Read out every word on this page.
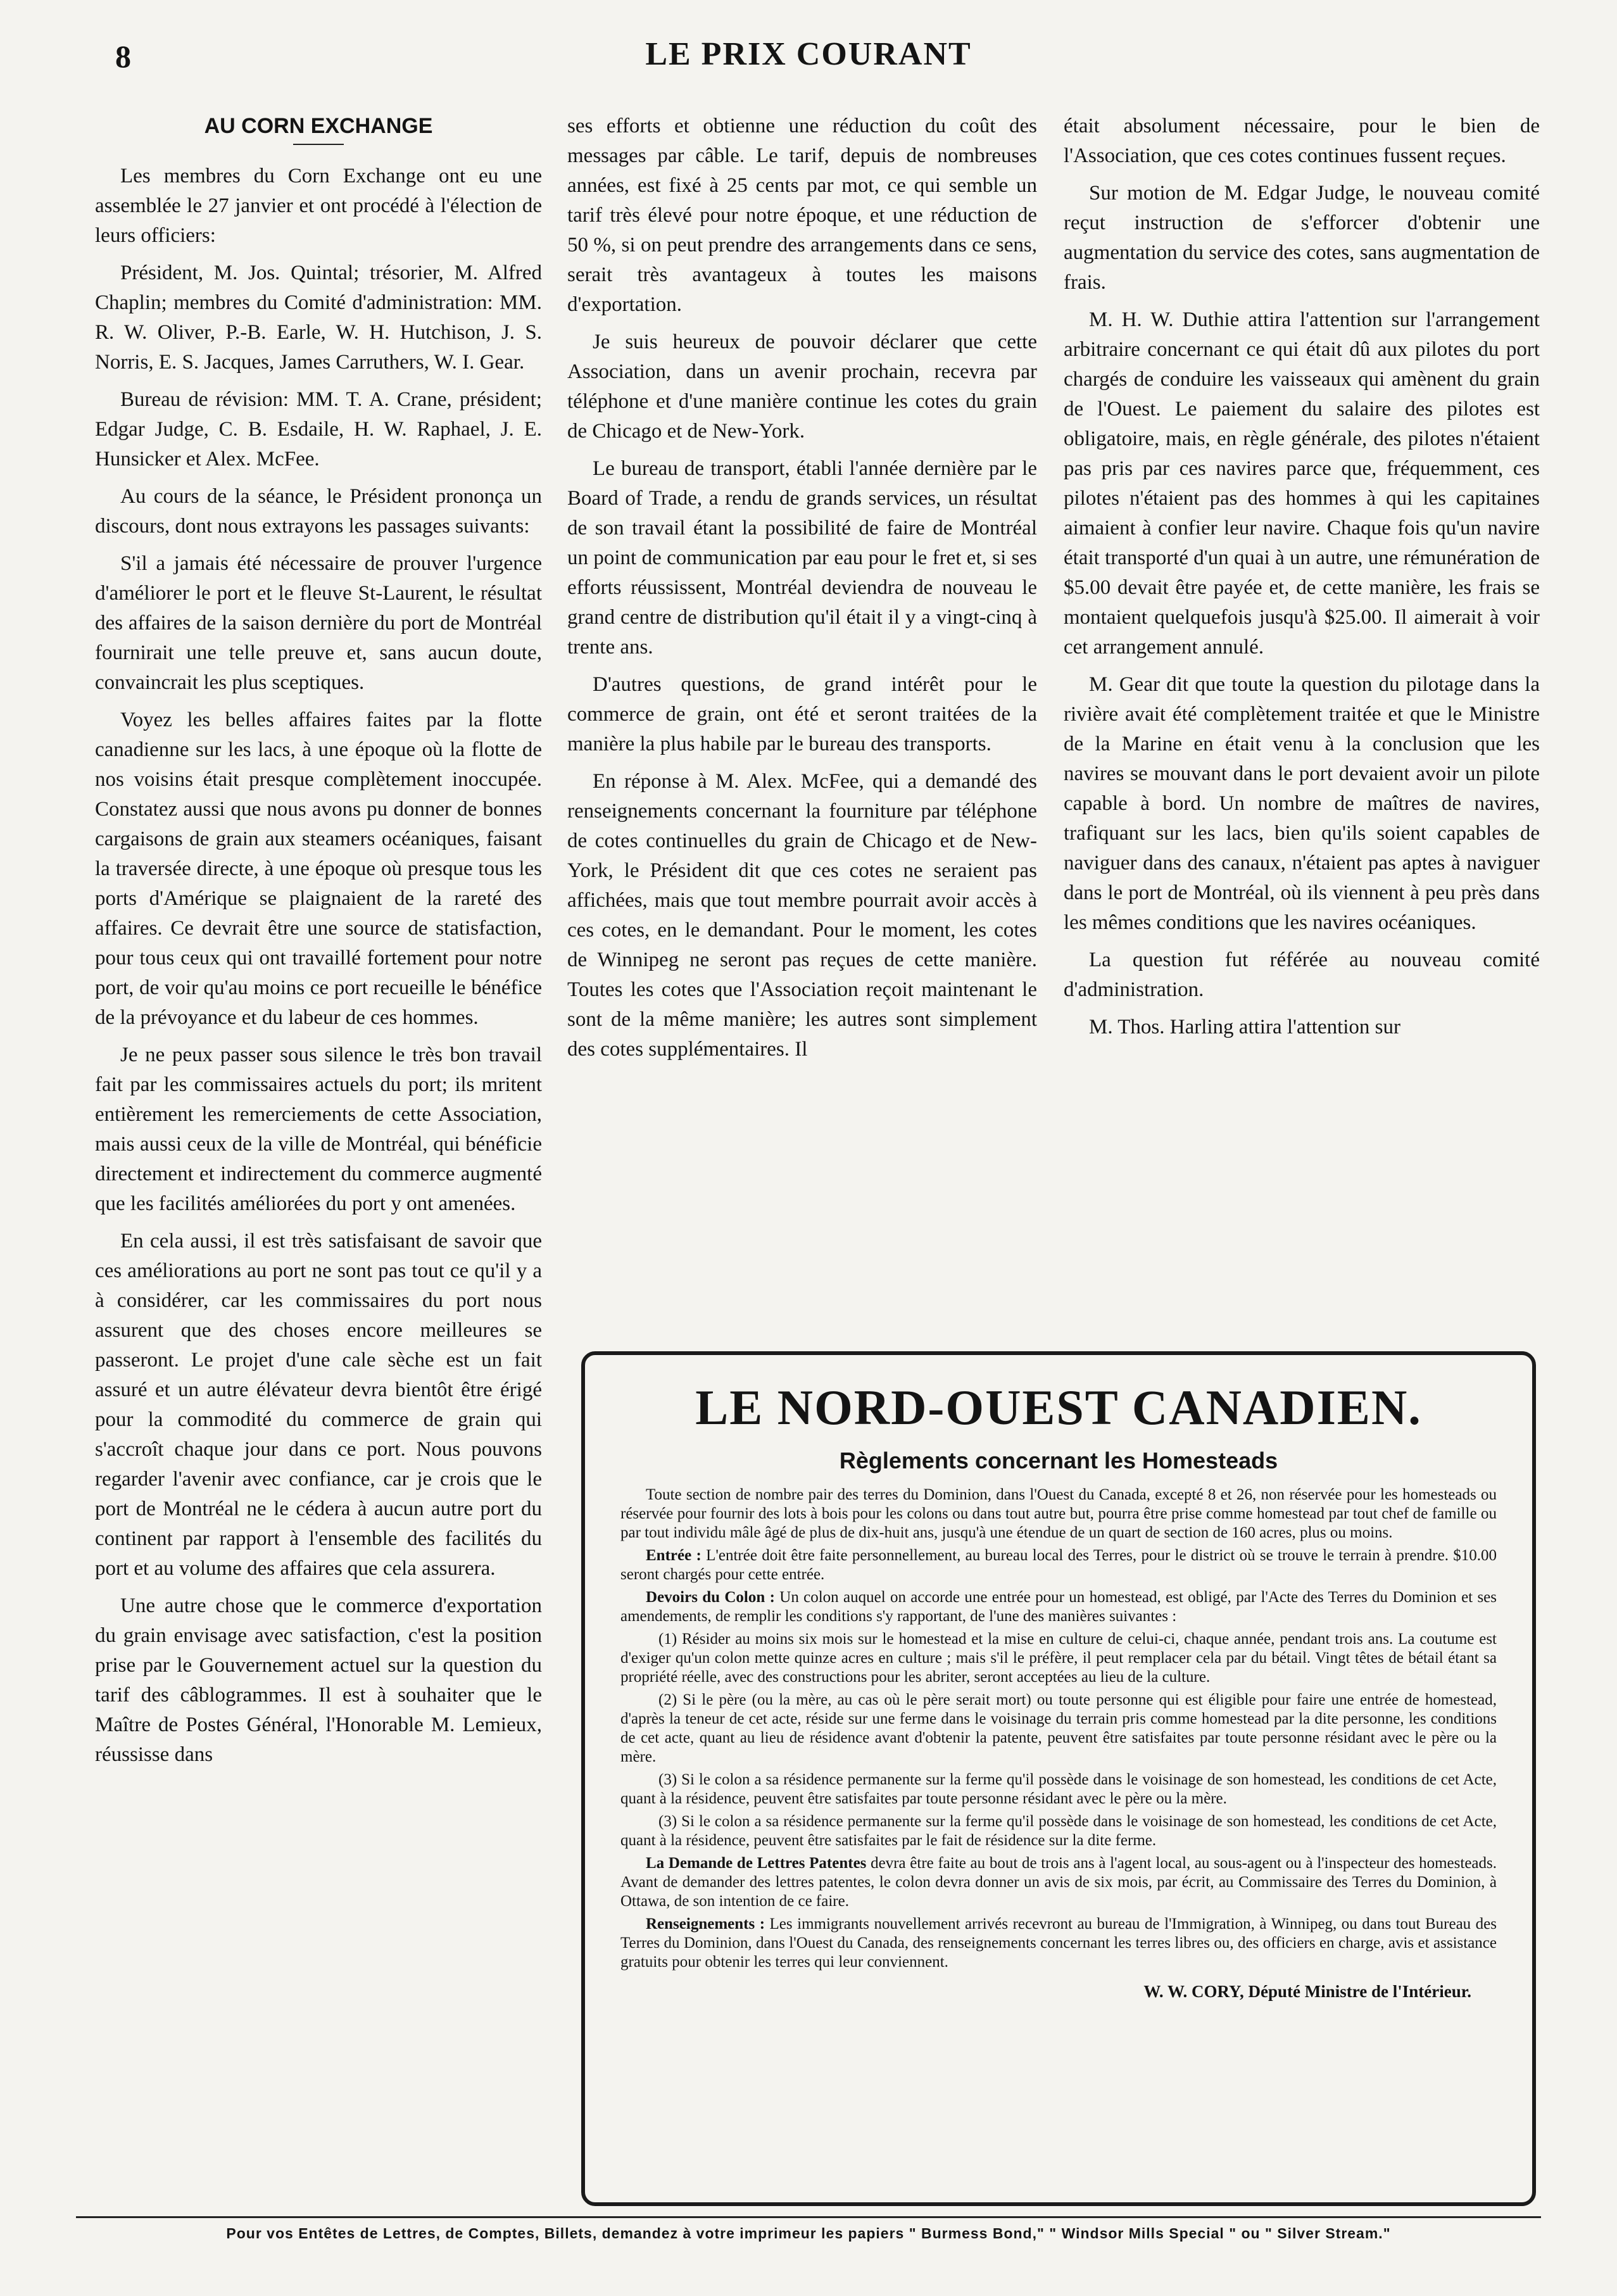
8	LE PRIX COURANT
AU CORN EXCHANGE

Les membres du Corn Exchange ont eu une assemblée le 27 janvier et ont procédé à l'élection de leurs officiers:

Président, M. Jos. Quintal; trésorier, M. Alfred Chaplin; membres du Comité d'administration: MM. R. W. Oliver, P.-B. Earle, W. H. Hutchison, J. S. Norris, E. S. Jacques, James Carruthers, W. I. Gear.

Bureau de révision: MM. T. A. Crane, président; Edgar Judge, C. B. Esdaile, H. W. Raphael, J. E. Hunsicker et Alex. McFee.

Au cours de la séance, le Président prononça un discours, dont nous extrayons les passages suivants:

S'il a jamais été nécessaire de prouver l'urgence d'améliorer le port et le fleuve St-Laurent, le résultat des affaires de la saison dernière du port de Montréal fournirait une telle preuve et, sans aucun doute, convaincrait les plus sceptiques.

Voyez les belles affaires faites par la flotte canadienne sur les lacs, à une époque où la flotte de nos voisins était presque complètement inoccupée. Constatez aussi que nous avons pu donner de bonnes cargaisons de grain aux steamers océaniques, faisant la traversée directe, à une époque où presque tous les ports d'Amérique se plaignaient de la rareté des affaires. Ce devrait être une source de statisfaction, pour tous ceux qui ont travaillé fortement pour notre port, de voir qu'au moins ce port recueille le bénéfice de la prévoyance et du labeur de ces hommes.

Je ne peux passer sous silence le très bon travail fait par les commissaires actuels du port; ils mritent entièrement les remerciements de cette Association, mais aussi ceux de la ville de Montréal, qui bénéficie directement et indirectement du commerce augmenté que les facilités améliorées du port y ont amenées.

En cela aussi, il est très satisfaisant de savoir que ces améliorations au port ne sont pas tout ce qu'il y a à considérer, car les commissaires du port nous assurent que des choses encore meilleures se passeront. Le projet d'une cale sèche est un fait assuré et un autre élévateur devra bientôt être érigé pour la commodité du commerce de grain qui s'accroît chaque jour dans ce port. Nous pouvons regarder l'avenir avec confiance, car je crois que le port de Montréal ne le cédera à aucun autre port du continent par rapport à l'ensemble des facilités du port et au volume des affaires que cela assurera.

Une autre chose que le commerce d'exportation du grain envisage avec satisfaction, c'est la position prise par le Gouvernement actuel sur la question du tarif des câblogrammes. Il est à souhaiter que le Maître de Postes Général, l'Honorable M. Lemieux, réussisse dans

ses efforts et obtienne une réduction du coût des messages par câble. Le tarif, depuis de nombreuses années, est fixé à 25 cents par mot, ce qui semble un tarif très élevé pour notre époque, et une réduction de 50 %, si on peut prendre des arrangements dans ce sens, serait très avantageux à toutes les maisons d'exportation.

Je suis heureux de pouvoir déclarer que cette Association, dans un avenir prochain, recevra par téléphone et d'une manière continue les cotes du grain de Chicago et de New-York.

Le bureau de transport, établi l'année dernière par le Board of Trade, a rendu de grands services, un résultat de son travail étant la possibilité de faire de Montréal un point de communication par eau pour le fret et, si ses efforts réussissent, Montréal deviendra de nouveau le grand centre de distribution qu'il était il y a vingt-cinq à trente ans.

D'autres questions, de grand intérêt pour le commerce de grain, ont été et seront traitées de la manière la plus habile par le bureau des transports.

En réponse à M. Alex. McFee, qui a demandé des renseignements concernant la fourniture par téléphone de cotes continuelles du grain de Chicago et de New-York, le Président dit que ces cotes ne seraient pas affichées, mais que tout membre pourrait avoir accès à ces cotes, en le demandant. Pour le moment, les cotes de Winnipeg ne seront pas reçues de cette manière. Toutes les cotes que l'Association reçoit maintenant le sont de la même manière; les autres sont simplement des cotes supplémentaires. Il

était absolument nécessaire, pour le bien de l'Association, que ces cotes continues fussent reçues.

Sur motion de M. Edgar Judge, le nouveau comité reçut instruction de s'efforcer d'obtenir une augmentation du service des cotes, sans augmentation de frais.

M. H. W. Duthie attira l'attention sur l'arrangement arbitraire concernant ce qui était dû aux pilotes du port chargés de conduire les vaisseaux qui amènent du grain de l'Ouest. Le paiement du salaire des pilotes est obligatoire, mais, en règle générale, des pilotes n'étaient pas pris par ces navires parce que, fréquemment, ces pilotes n'étaient pas des hommes à qui les capitaines aimaient à confier leur navire. Chaque fois qu'un navire était transporté d'un quai à un autre, une rémunération de $5.00 devait être payée et, de cette manière, les frais se montaient quelquefois jusqu'à $25.00. Il aimerait à voir cet arrangement annulé.

M. Gear dit que toute la question du pilotage dans la rivière avait été complètement traitée et que le Ministre de la Marine en était venu à la conclusion que les navires se mouvant dans le port devaient avoir un pilote capable à bord. Un nombre de maîtres de navires, trafiquant sur les lacs, bien qu'ils soient capables de naviguer dans des canaux, n'étaient pas aptes à naviguer dans le port de Montréal, où ils viennent à peu près dans les mêmes conditions que les navires océaniques.

La question fut référée au nouveau comité d'administration.

M. Thos. Harling attira l'attention sur

LE NORD-OUEST CANADIEN.
Règlements concernant les Homesteads

Toute section de nombre pair des terres du Dominion, dans l'Ouest du Canada, excepté 8 et 26, non réservée pour les homesteads ou réservée pour fournir des lots à bois pour les colons ou dans tout autre but, pourra être prise comme homestead par tout chef de famille ou par tout individu mâle âgé de plus de dix-huit ans, jusqu'à une étendue de un quart de section de 160 acres, plus ou moins.

Entrée : L'entrée doit être faite personnellement, au bureau local des Terres, pour le district où se trouve le terrain à prendre. $10.00 seront chargés pour cette entrée.

Devoirs du Colon : Un colon auquel on accorde une entrée pour un homestead, est obligé, par l'Acte des Terres du Dominion et ses amendements, de remplir les conditions s'y rapportant, de l'une des manières suivantes :

(1) Résider au moins six mois sur le homestead et la mise en culture de celui-ci, chaque année, pendant trois ans. La coutume est d'exiger qu'un colon mette quinze acres en culture ; mais s'il le préfère, il peut remplacer cela par du bétail. Vingt têtes de bétail étant sa propriété réelle, avec des constructions pour les abriter, seront acceptées au lieu de la culture.

(2) Si le père (ou la mère, au cas où le père serait mort) ou toute personne qui est éligible pour faire une entrée de homestead, d'après la teneur de cet acte, réside sur une ferme dans le voisinage du terrain pris comme homestead par la dite personne, les conditions de cet acte, quant au lieu de résidence avant d'obtenir la patente, peuvent être satisfaites par toute personne résidant avec le père ou la mère.

(3) Si le colon a sa résidence permanente sur la ferme qu'il possède dans le voisinage de son homestead, les conditions de cet Acte, quant à la résidence, peuvent être satisfaites par toute personne résidant avec le père ou la mère.

(3) Si le colon a sa résidence permanente sur la ferme qu'il possède dans le voisinage de son homestead, les conditions de cet Acte, quant à la résidence, peuvent être satisfaites par le fait de résidence sur la dite ferme.

La Demande de Lettres Patentes devra être faite au bout de trois ans à l'agent local, au sous-agent ou à l'inspecteur des homesteads. Avant de demander des lettres patentes, le colon devra donner un avis de six mois, par écrit, au Commissaire des Terres du Dominion, à Ottawa, de son intention de ce faire.

Renseignements : Les immigrants nouvellement arrivés recevront au bureau de l'Immigration, à Winnipeg, ou dans tout Bureau des Terres du Dominion, dans l'Ouest du Canada, des renseignements concernant les terres libres ou, des officiers en charge, avis et assistance gratuits pour obtenir les terres qui leur conviennent.

W. W. CORY, Député Ministre de l'Intérieur.
Pour vos Entêtes de Lettres, de Comptes, Billets, demandez à votre imprimeur les papiers " Burmess Bond," " Windsor Mills Special " ou " Silver Stream."
